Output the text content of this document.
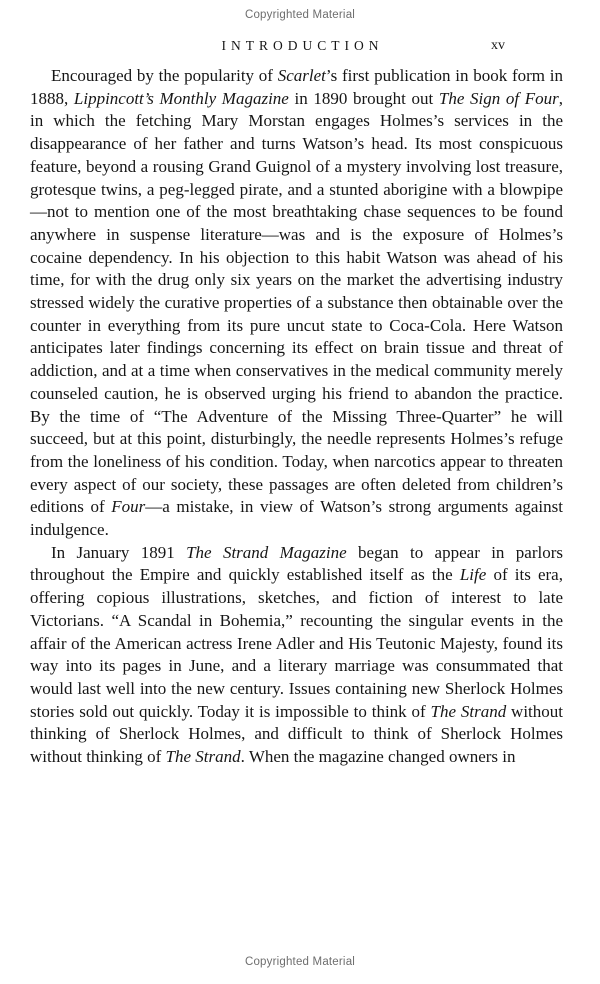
Copyrighted Material
INTRODUCTION	xv

Encouraged by the popularity of Scarlet’s first publication in book form in 1888, Lippincott’s Monthly Magazine in 1890 brought out The Sign of Four, in which the fetching Mary Morstan engages Holmes’s services in the disappearance of her father and turns Watson’s head. Its most conspicuous feature, beyond a rousing Grand Guignol of a mystery involving lost treasure, grotesque twins, a peg-legged pirate, and a stunted aborigine with a blowpipe—not to mention one of the most breathtaking chase sequences to be found anywhere in suspense literature—was and is the exposure of Holmes’s cocaine dependency. In his objection to this habit Watson was ahead of his time, for with the drug only six years on the market the advertising industry stressed widely the curative properties of a substance then obtainable over the counter in everything from its pure uncut state to Coca-Cola. Here Watson anticipates later findings concerning its effect on brain tissue and threat of addiction, and at a time when conservatives in the medical community merely counseled caution, he is observed urging his friend to abandon the practice. By the time of “The Adventure of the Missing Three-Quarter” he will succeed, but at this point, disturbingly, the needle represents Holmes’s refuge from the loneliness of his condition. Today, when narcotics appear to threaten every aspect of our society, these passages are often deleted from children’s editions of Four—a mistake, in view of Watson’s strong arguments against indulgence.

In January 1891 The Strand Magazine began to appear in parlors throughout the Empire and quickly established itself as the Life of its era, offering copious illustrations, sketches, and fiction of interest to late Victorians. “A Scandal in Bohemia,” recounting the singular events in the affair of the American actress Irene Adler and His Teutonic Majesty, found its way into its pages in June, and a literary marriage was consummated that would last well into the new century. Issues containing new Sherlock Holmes stories sold out quickly. Today it is impossible to think of The Strand without thinking of Sherlock Holmes, and difficult to think of Sherlock Holmes without thinking of The Strand. When the magazine changed owners in

Copyrighted Material
